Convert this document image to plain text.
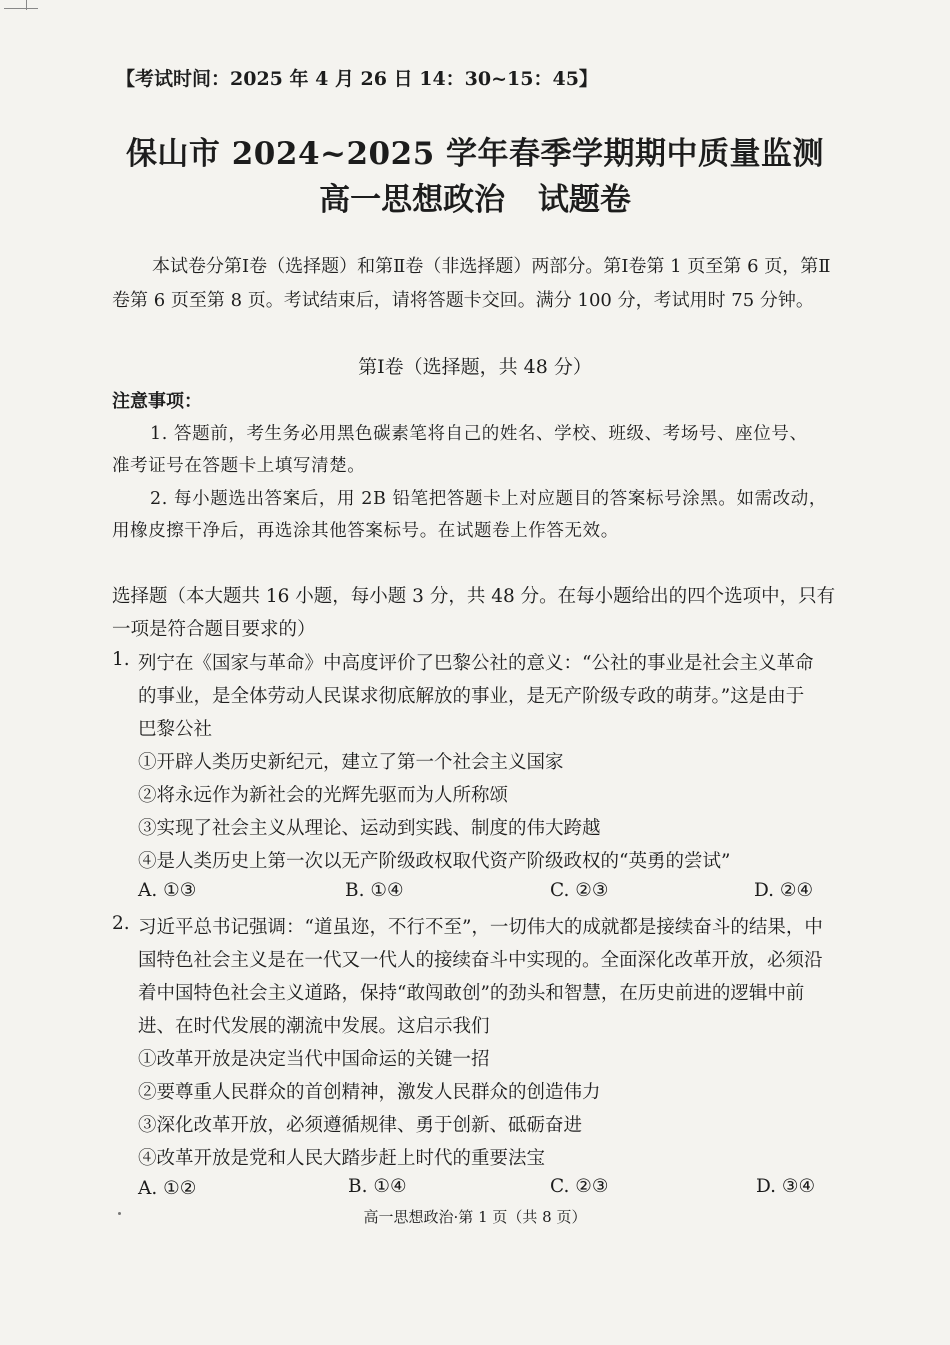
【考试时间：2025 年 4 月 26 日 14：30~15：45】
保山市 2024~2025 学年春季学期期中质量监测
高一思想政治 试题卷
本试卷分第Ⅰ卷（选择题）和第Ⅱ卷（非选择题）两部分。第Ⅰ卷第 1 页至第 6 页，第Ⅱ
卷第 6 页至第 8 页。考试结束后，请将答题卡交回。满分 100 分，考试用时 75 分钟。
第Ⅰ卷（选择题，共 48 分）
注意事项：
1. 答题前，考生务必用黑色碳素笔将自己的姓名、学校、班级、考场号、座位号、
准考证号在答题卡上填写清楚。
2. 每小题选出答案后，用 2B 铅笔把答题卡上对应题目的答案标号涂黑。如需改动，
用橡皮擦干净后，再选涂其他答案标号。在试题卷上作答无效。
选择题（本大题共 16 小题，每小题 3 分，共 48 分。在每小题给出的四个选项中，只有
一项是符合题目要求的）
1. 列宁在《国家与革命》中高度评价了巴黎公社的意义：“公社的事业是社会主义革命
的事业，是全体劳动人民谋求彻底解放的事业，是无产阶级专政的萌芽。”这是由于
巴黎公社
①开辟人类历史新纪元，建立了第一个社会主义国家
②将永远作为新社会的光辉先驱而为人所称颂
③实现了社会主义从理论、运动到实践、制度的伟大跨越
④是人类历史上第一次以无产阶级政权取代资产阶级政权的“英勇的尝试”
A. ①③	B. ①④	C. ②③	D. ②④
2. 习近平总书记强调：“道虽迩，不行不至”，一切伟大的成就都是接续奋斗的结果，中
国特色社会主义是在一代又一代人的接续奋斗中实现的。全面深化改革开放，必须沿
着中国特色社会主义道路，保持“敢闯敢创”的劲头和智慧，在历史前进的逻辑中前
进、在时代发展的潮流中发展。这启示我们
①改革开放是决定当代中国命运的关键一招
②要尊重人民群众的首创精神，激发人民群众的创造伟力
③深化改革开放，必须遵循规律、勇于创新、砥砺奋进
④改革开放是党和人民大踏步赶上时代的重要法宝
A. ①②	B. ①④	C. ②③	D. ③④
高一思想政治·第 1 页（共 8 页）
